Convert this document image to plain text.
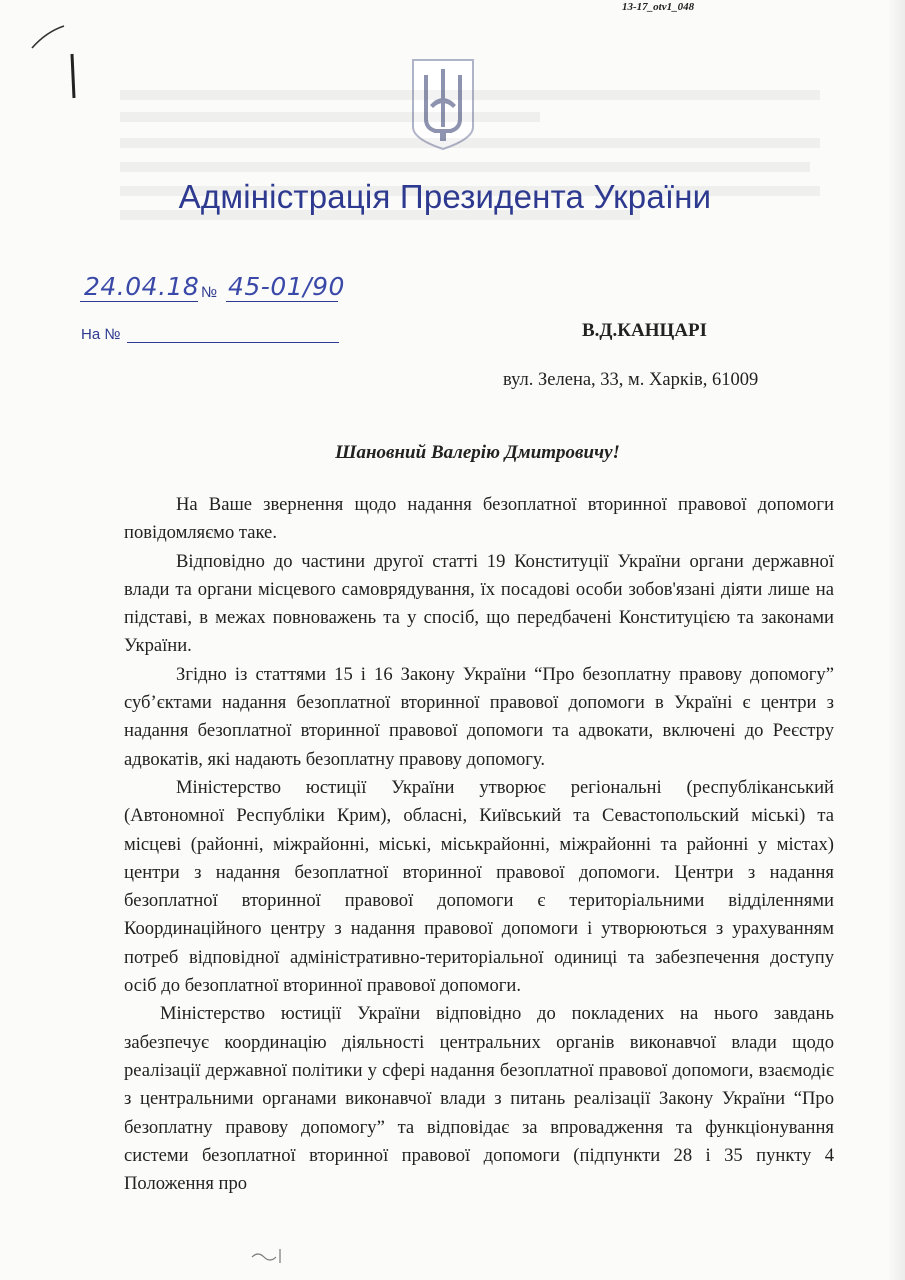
13-17_otv1_048
Адміністрація Президента України
24.04.18 № 45-01/90
На №	В.Д.КАНЦАРІ
вул. Зелена, 33, м. Харків, 61009
Шановний Валерію Дмитровичу!

На Ваше звернення щодо надання безоплатної вторинної правової допомоги повідомляємо таке.

Відповідно до частини другої статті 19 Конституції України органи державної влади та органи місцевого самоврядування, їх посадові особи зобов'язані діяти лише на підставі, в межах повноважень та у спосіб, що передбачені Конституцією та законами України.

Згідно із статтями 15 і 16 Закону України “Про безоплатну правову допомогу” суб’єктами надання безоплатної вторинної правової допомоги в Україні є центри з надання безоплатної вторинної правової допомоги та адвокати, включені до Реєстру адвокатів, які надають безоплатну правову допомогу.

Міністерство юстиції України утворює регіональні (республіканський (Автономної Республіки Крим), обласні, Київський та Севастопольский міські) та місцеві (районні, міжрайонні, міські, міськрайонні, міжрайонні та районні у містах) центри з надання безоплатної вторинної правової допомоги. Центри з надання безоплатної вторинної правової допомоги є територіальними відділеннями Координаційного центру з надання правової допомоги і утворюються з урахуванням потреб відповідної адміністративно-територіальної одиниці та забезпечення доступу осіб до безоплатної вторинної правової допомоги.

Міністерство юстиції України відповідно до покладених на нього завдань забезпечує координацію діяльності центральних органів виконавчої влади щодо реалізації державної політики у сфері надання безоплатної правової допомоги, взаємодіє з центральними органами виконавчої влади з питань реалізації Закону України “Про безоплатну правову допомогу” та відповідає за впровадження та функціонування системи безоплатної вторинної правової допомоги (підпункти 28 і 35 пункту 4 Положення про
